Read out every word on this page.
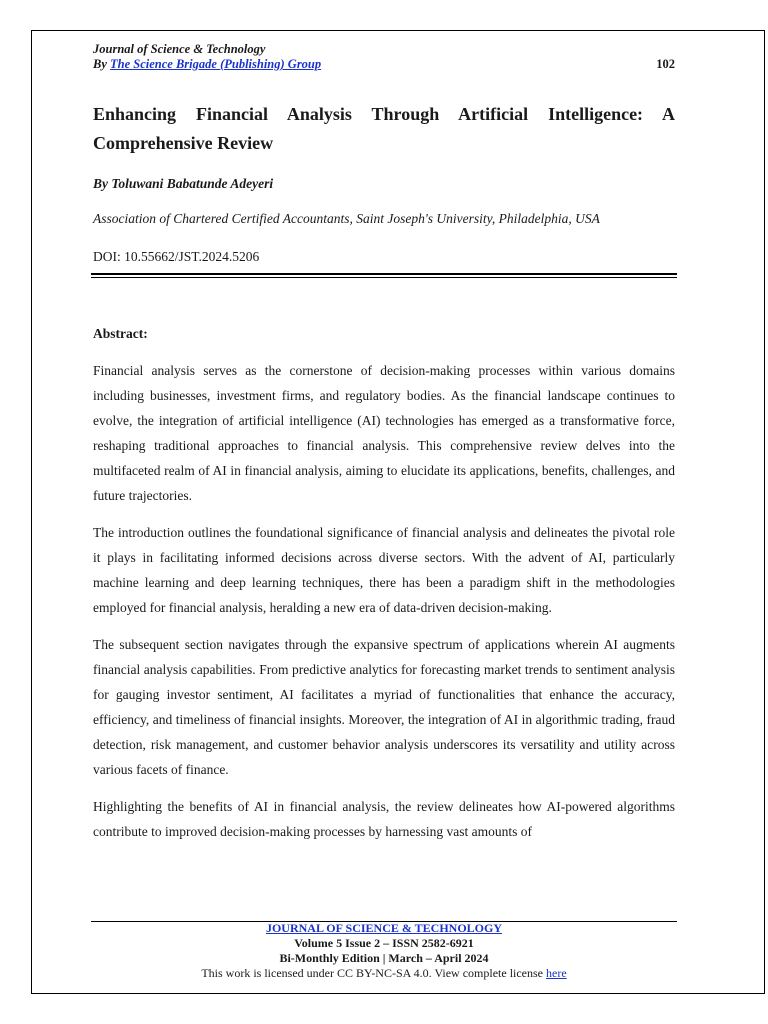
Journal of Science & Technology
By The Science Brigade (Publishing) Group	102
Enhancing Financial Analysis Through Artificial Intelligence: A Comprehensive Review
By Toluwani Babatunde Adeyeri
Association of Chartered Certified Accountants, Saint Joseph's University, Philadelphia, USA
DOI: 10.55662/JST.2024.5206
Abstract:

Financial analysis serves as the cornerstone of decision-making processes within various domains including businesses, investment firms, and regulatory bodies. As the financial landscape continues to evolve, the integration of artificial intelligence (AI) technologies has emerged as a transformative force, reshaping traditional approaches to financial analysis. This comprehensive review delves into the multifaceted realm of AI in financial analysis, aiming to elucidate its applications, benefits, challenges, and future trajectories.

The introduction outlines the foundational significance of financial analysis and delineates the pivotal role it plays in facilitating informed decisions across diverse sectors. With the advent of AI, particularly machine learning and deep learning techniques, there has been a paradigm shift in the methodologies employed for financial analysis, heralding a new era of data-driven decision-making.

The subsequent section navigates through the expansive spectrum of applications wherein AI augments financial analysis capabilities. From predictive analytics for forecasting market trends to sentiment analysis for gauging investor sentiment, AI facilitates a myriad of functionalities that enhance the accuracy, efficiency, and timeliness of financial insights. Moreover, the integration of AI in algorithmic trading, fraud detection, risk management, and customer behavior analysis underscores its versatility and utility across various facets of finance.

Highlighting the benefits of AI in financial analysis, the review delineates how AI-powered algorithms contribute to improved decision-making processes by harnessing vast amounts of

JOURNAL OF SCIENCE & TECHNOLOGY
Volume 5 Issue 2 – ISSN 2582-6921
Bi-Monthly Edition | March – April 2024
This work is licensed under CC BY-NC-SA 4.0. View complete license here
